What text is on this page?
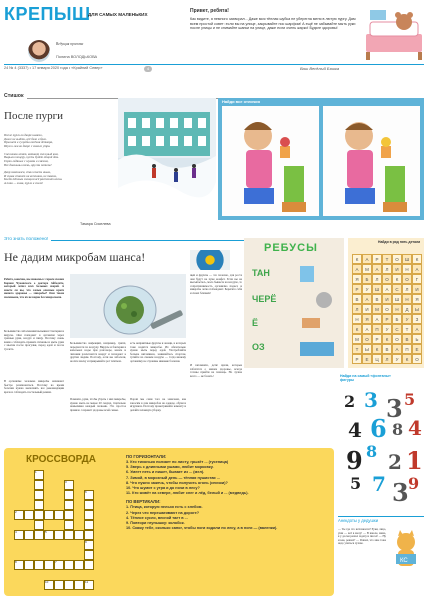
КРЕПЫШ
ДЛЯ САМЫХ МАЛЕНЬКИХ
Ведущая проекта
Полина ВОЛОДЬКОВА
24 № 4 (3337) • 17 января 2020 года • «Крайний Север»	4
Привет, ребята!

Как видите, я немного захворал... Даже моя тёплая шубка не уберегла меня в лютую пургу. Дам всем простой совет: если вы на улице, закрывайте нос шарфом! А ещё не забывайте мыть руки после улицы и не снимайте шапки на улице, даже если очень жарко! Будьте здоровы!

Ваш Весёлый Бяшка
Стишок
После пурги
После пурги во дворе намело,
Даже не выйти, всё бело и бело.
Прыгает в сугробы весёлая детвора,
Шум и гам во дворе с самого утра.

Снеговика лепят, катают снежный ком,
Вырыли пещеру, пусть будет общий дом.
Горки ледяные с шумом и смехом,
Все довольны очень, кругом потеха!

Двор изменился, стал совсем иным,
И снова станет он весенним, не таким,
Когда тёплым солнцем всё растопит весна.
А пока — зима, пурга и снега!
Тамара Сиселева
Найди все отличия
Это знать положено!
Не дадим микробам шанса!

Ребята, конечно, вы знакомы с героем сказки Корнея Чуковского о докторе Айболите, который лечил всех больных зверей. А знаете ли вы, что самые опасные враги нашего здоровья — микробы? Они такие маленькие, что их не видно без микроскопа.

Большинство заболеваний вызывают бактерии и вирусы. Они попадают в организм через грязные руки, воздух и пищу. Поэтому очень важно соблюдать правила гигиены и мыть руки с мылом после прогулки, перед едой и после туалета.

В организме человека микробы начинают быстро размножаться. Поэтому во время болезни нужно выполнять все рекомендации врача и соблюдать постельный режим.

Большинство инфекций, например, грипп, передаются по воздуху. Вирусы и бактерии в капельках воды при разговоре, кашле и чихании разлетаются вокруг и попадают к другим людям. Поэтому, если вы заболели, носите маску и прикрывайте рот платком.

Помните, руки, чтобы убрать с них микробы, нужно мыть не менее 20 секунд, тщательно намыливая каждый пальчик. Это простое правило сохранит здоровье всей семьи.

есть неприятные фрукты и овощи, в которых тоже водятся микробы. Их обязательно нужно мыть перед едой. Употребляйте больше витаминов, занимайтесь спортом, гуляйте на свежем воздухе — тогда вашему организму не страшны никакие болезни.

Порой мы сами того не замечаем, как заносим в дом микробов на одежде, обуви и игрушках. Поэтому проветривайте комнату и делайте влажную уборку.

щей и фрукты — это полезно, для роста они будут не хуже конфет. Если вы не высыпаетесь, мало бываете на воздухе, то сопротивляемость организма падает, и микробы легко побеждают. Берегите себя и своих близких!

И запомните, дети: врачи, которые заботятся о нашем здоровье, всегда готовы прийти на помощь. Но лучше всего — не болеть!

РЕБУСЫ
ТАН
ЧЕРЁ
Ё
ОЗ
Найди в ряд пять детали
К	А	Р	Т	О	Ш	К
А	М	А	Л	И	Н	А
Я	Б	Л	О	К	О	Г
Р	У	Ш	А	С	Л	И
В	А	В	И	Ш	Н	Я
Л	И	М	О	Н	Д	Ы
Н	Я	А	Р	Б	У	З
К	А	П	У	С	Т	А
М	О	Р	К	О	В	Ь
Т	Ы	К	В	А	П	Е
Р	Е	Ц	Л	У	К	О
Найди на самый «фонтаны» фигуры
2 3 3 5
4 6 8 4
9 8 2 1
5 7 3 9
КРОССВОРДА
1
2
3
4	5
6
7
8
9
10	11
ПО ГОРИЗОНТАЛИ:
3. Кто тихонько ползает по листу, грызёт ... (гусеница)
5. Зверь с длинными ушами, любит морковку.
6. Умеет петь и пишет, бывает из ... (мел).
7. Зимой, в морозный день — тёплая пушистая ...
8. Что нужно зажечь, чтобы получить огонь (спички)?
10. Что шумит с утра и до ночи в лесу?
11. Кто живёт на севере, любит снег и лёд, белый и ... (медведь).
ПО ВЕРТИКАЛИ:
1. Птица, которую нельзя есть с хлебом.
2. Через что перешагивают на дороге?
4. Тёплое сусло, весной тает в ...
9. Повтори глупышку: колобок.
10. Скажу тебе, сколько сапог, чтобы ноги ходили по лесу, а в ноги — (валенки).
Анекдоты у дедушки

— Ты где это испачкался? Руки, лицо, уши — всё в мелу! — В школе, мама, я у доски решал задачу и писал! — Ну и как, решил? — Решил, что мне тоже надо учиться лучше.

КС
